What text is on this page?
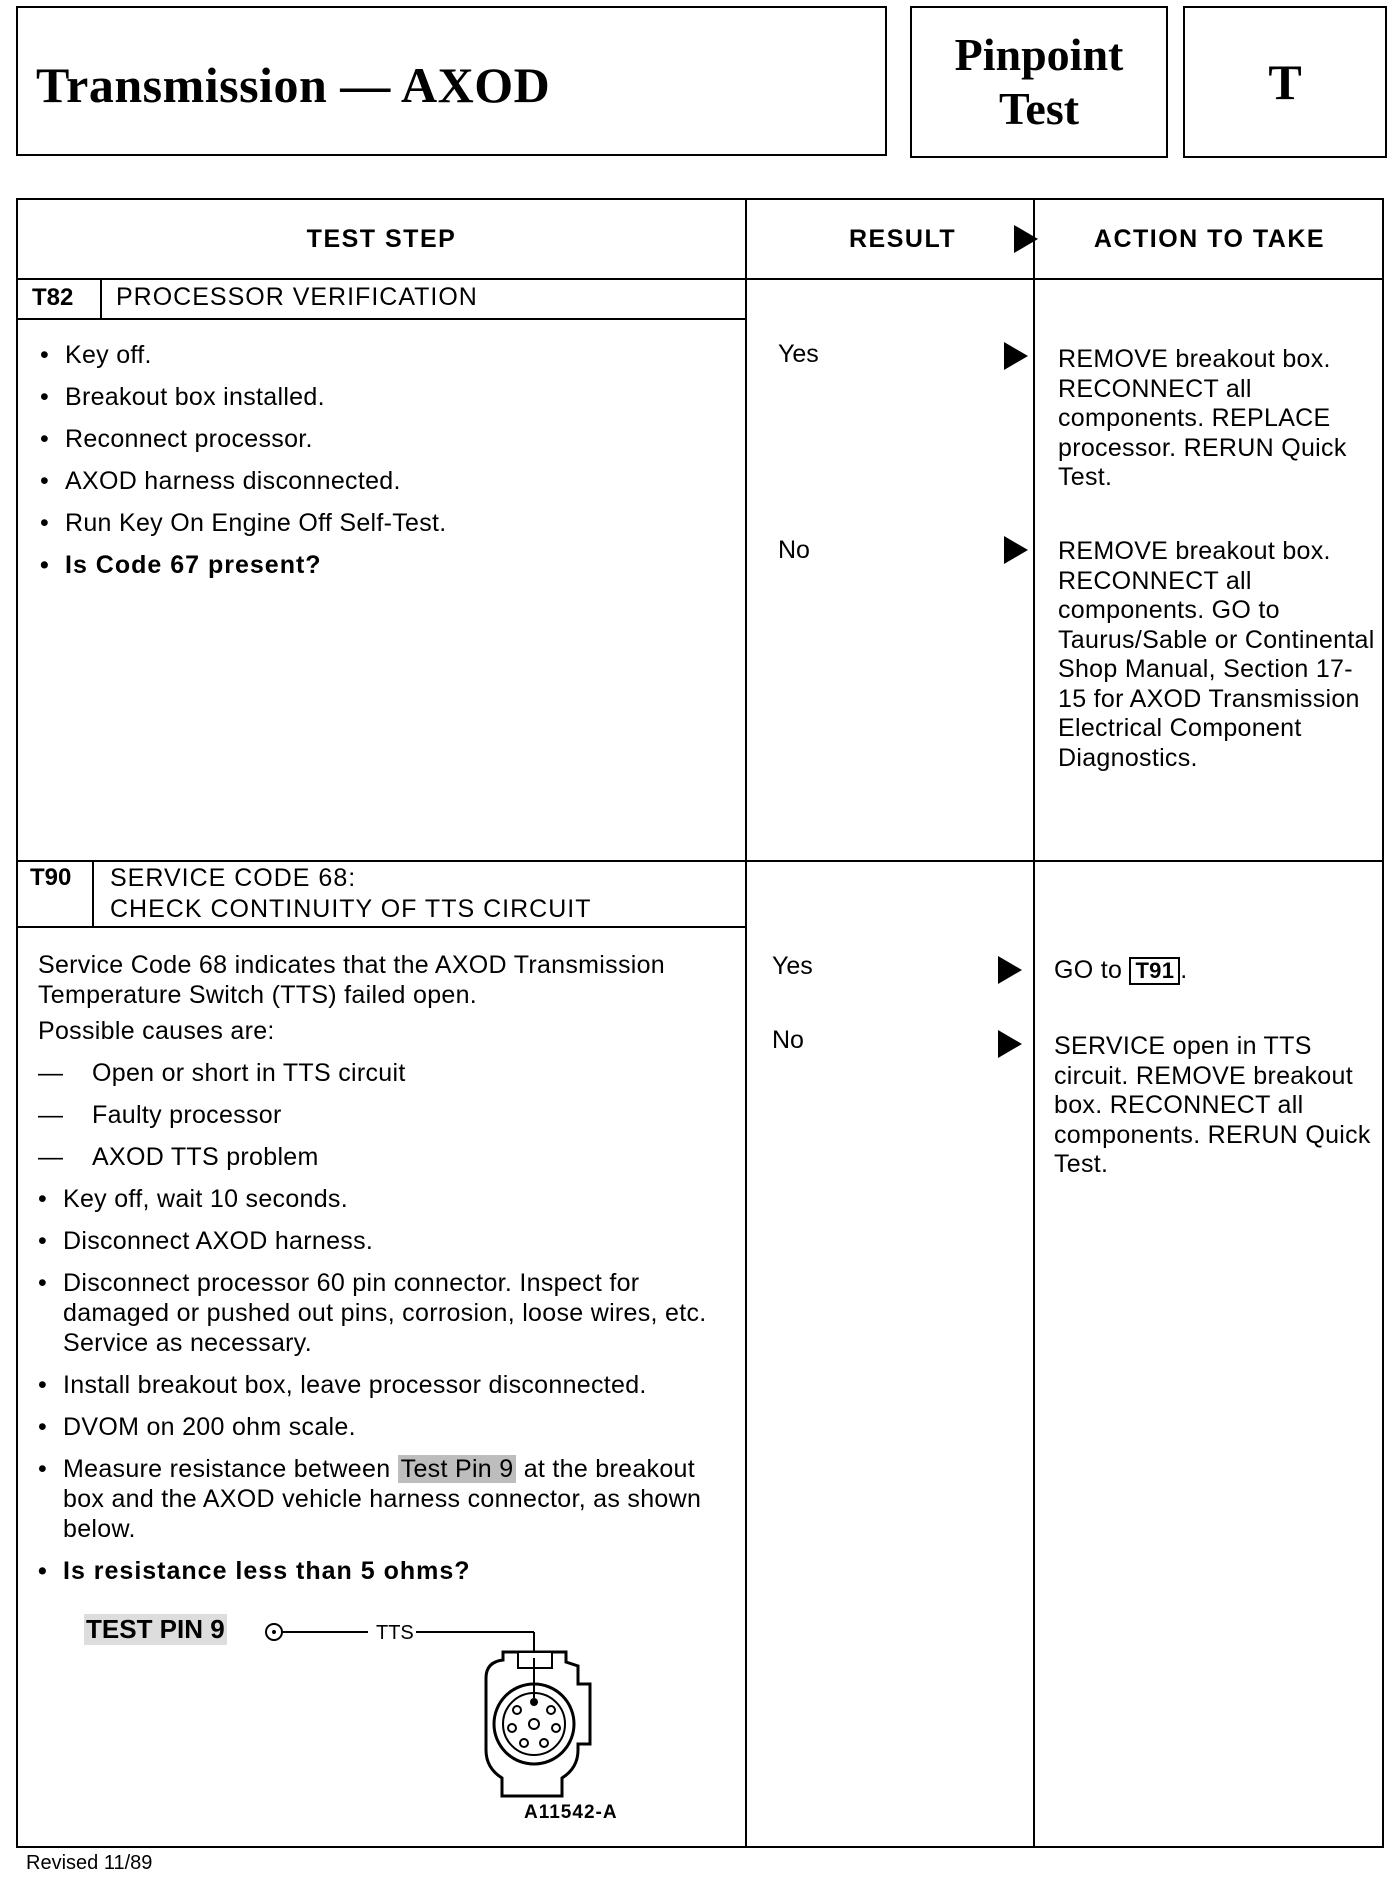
Transmission — AXOD
Pinpoint
Test	T
TEST STEP	RESULT	ACTION TO TAKE
T82 PROCESSOR VERIFICATION
• Key off.
• Breakout box installed.
• Reconnect processor.
• AXOD harness disconnected.
• Run Key On Engine Off Self-Test.
• Is Code 67 present?
Yes	REMOVE breakout box. RECONNECT all components. REPLACE processor. RERUN Quick Test.
No	REMOVE breakout box. RECONNECT all components. GO to Taurus/Sable or Continental Shop Manual, Section 17-15 for AXOD Transmission Electrical Component Diagnostics.
T90 SERVICE CODE 68:
CHECK CONTINUITY OF TTS CIRCUIT
Service Code 68 indicates that the AXOD Transmission Temperature Switch (TTS) failed open.
Possible causes are:
— Open or short in TTS circuit
— Faulty processor
— AXOD TTS problem
• Key off, wait 10 seconds.
• Disconnect AXOD harness.
• Disconnect processor 60 pin connector. Inspect for damaged or pushed out pins, corrosion, loose wires, etc. Service as necessary.
• Install breakout box, leave processor disconnected.
• DVOM on 200 ohm scale.
• Measure resistance between Test Pin 9 at the breakout box and the AXOD vehicle harness connector, as shown below.
• Is resistance less than 5 ohms?
TEST PIN 9	TTS
A11542-A
Yes	GO to T91 .
No	SERVICE open in TTS circuit. REMOVE breakout box. RECONNECT all components. RERUN Quick Test.
Revised 11/89
